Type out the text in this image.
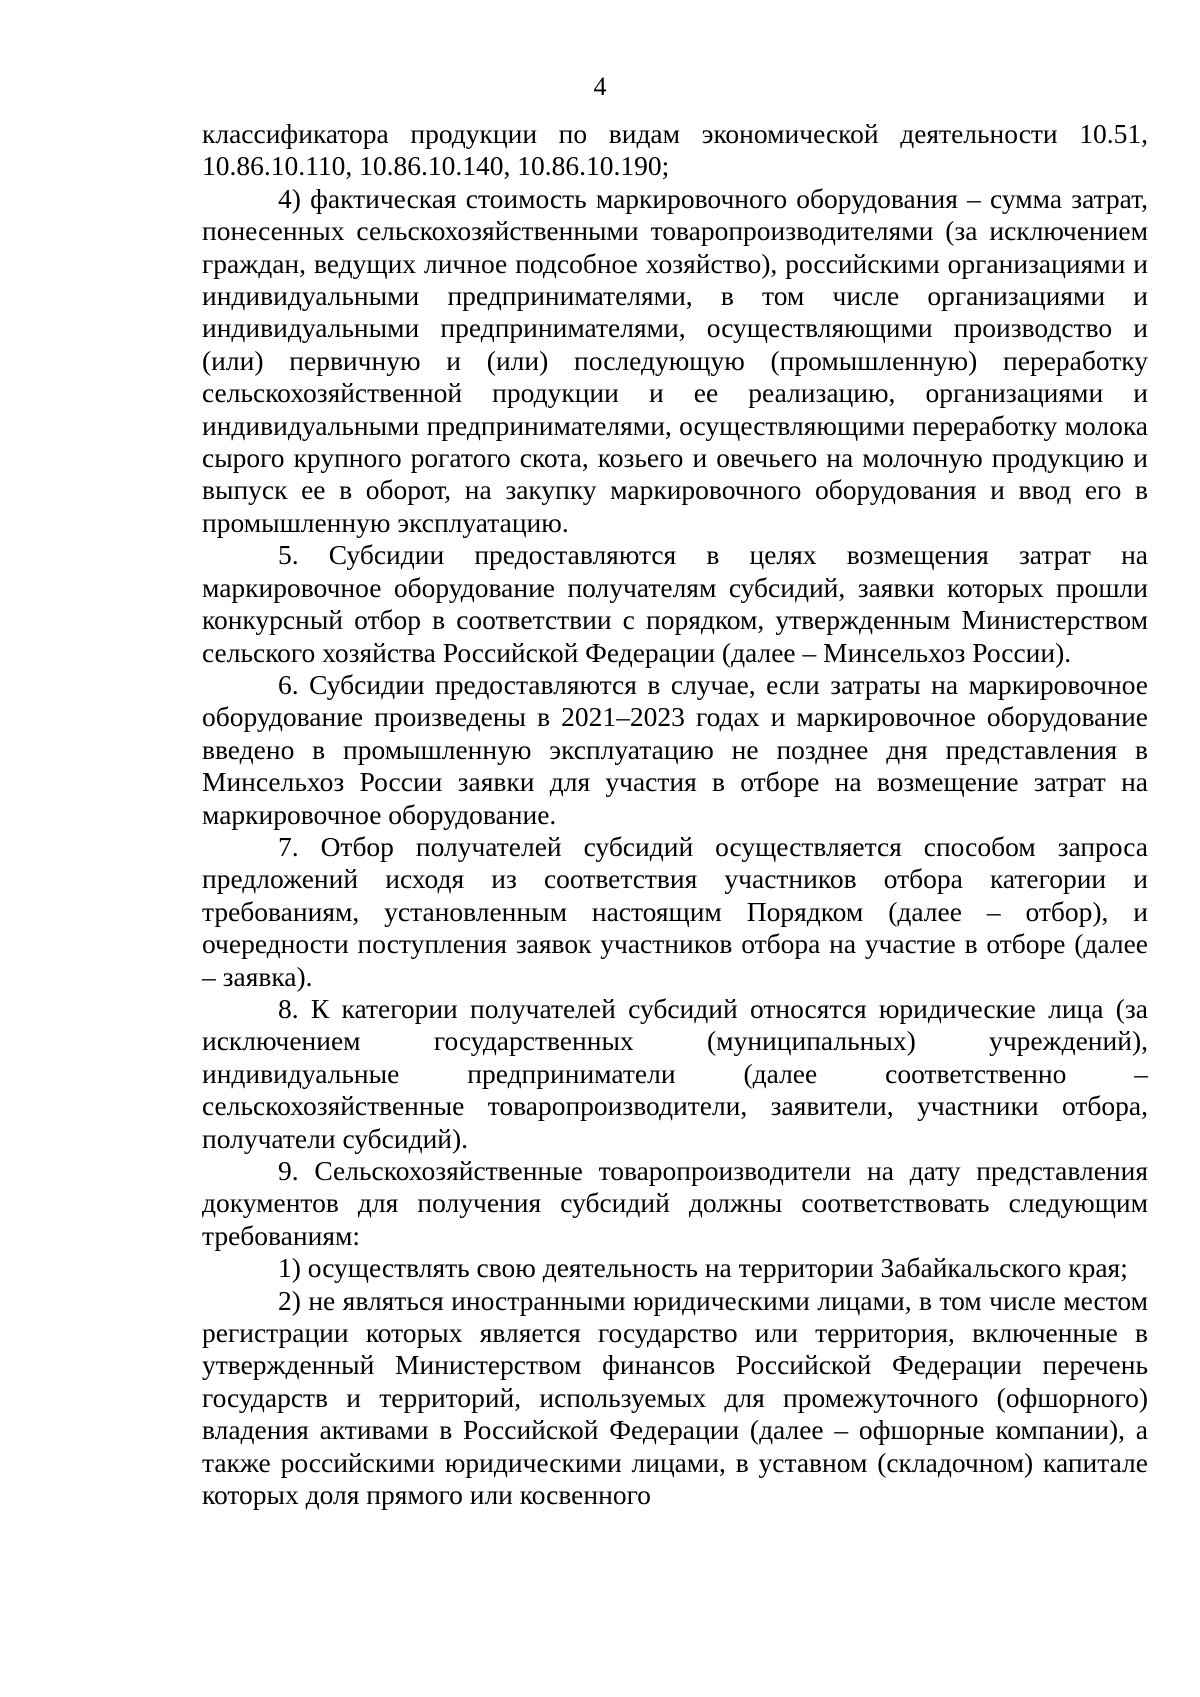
4

классификатора продукции по видам экономической деятельности 10.51, 10.86.10.110, 10.86.10.140, 10.86.10.190;

4) фактическая стоимость маркировочного оборудования – сумма затрат, понесенных сельскохозяйственными товаропроизводителями (за исключением граждан, ведущих личное подсобное хозяйство), российскими организациями и индивидуальными предпринимателями, в том числе организациями и индивидуальными предпринимателями, осуществляющими производство и (или) первичную и (или) последующую (промышленную) переработку сельскохозяйственной продукции и ее реализацию, организациями и индивидуальными предпринимателями, осуществляющими переработку молока сырого крупного рогатого скота, козьего и овечьего на молочную продукцию и выпуск ее в оборот, на закупку маркировочного оборудования и ввод его в промышленную эксплуатацию.

5. Субсидии предоставляются в целях возмещения затрат на маркировочное оборудование получателям субсидий, заявки которых прошли конкурсный отбор в соответствии с порядком, утвержденным Министерством сельского хозяйства Российской Федерации (далее – Минсельхоз России).

6. Субсидии предоставляются в случае, если затраты на маркировочное оборудование произведены в 2021–2023 годах и маркировочное оборудование введено в промышленную эксплуатацию не позднее дня представления в Минсельхоз России заявки для участия в отборе на возмещение затрат на маркировочное оборудование.

7. Отбор получателей субсидий осуществляется способом запроса предложений исходя из соответствия участников отбора категории и требованиям, установленным настоящим Порядком (далее – отбор), и очередности поступления заявок участников отбора на участие в отборе (далее – заявка).

8. К категории получателей субсидий относятся юридические лица (за исключением государственных (муниципальных) учреждений), индивидуальные предприниматели (далее соответственно – сельскохозяйственные товаропроизводители, заявители, участники отбора, получатели субсидий).

9. Сельскохозяйственные товаропроизводители на дату представления документов для получения субсидий должны соответствовать следующим требованиям:

1) осуществлять свою деятельность на территории Забайкальского края;

2) не являться иностранными юридическими лицами, в том числе местом регистрации которых является государство или территория, включенные в утвержденный Министерством финансов Российской Федерации перечень государств и территорий, используемых для промежуточного (офшорного) владения активами в Российской Федерации (далее – офшорные компании), а также российскими юридическими лицами, в уставном (складочном) капитале которых доля прямого или косвенного
